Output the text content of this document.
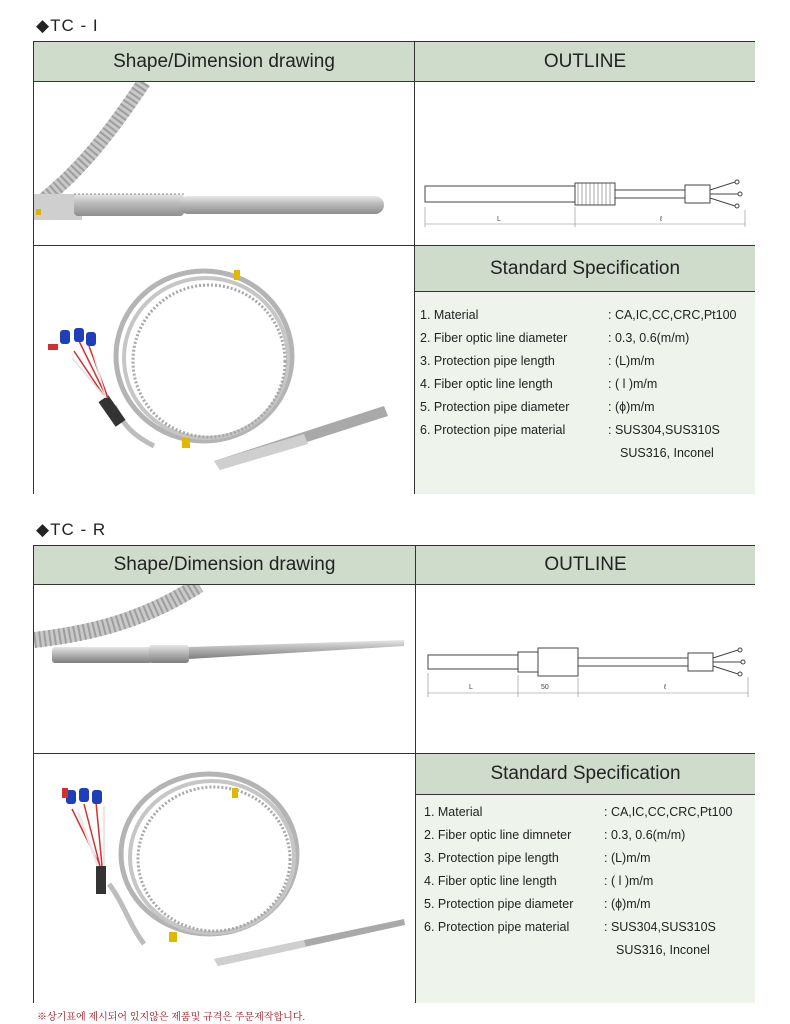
◆TC - I
Shape/Dimension drawing	OUTLINE
L	ℓ
Standard Specification
1. Material	: CA,IC,CC,CRC,Pt100
2. Fiber optic line diameter	: 0.3, 0.6(m/m)
3. Protection pipe length	: (L)m/m
4. Fiber optic line length	: ( l )m/m
5. Protection pipe diameter	: (ϕ)m/m
6. Protection pipe material	: SUS304,SUS310S
SUS316, Inconel
◆TC - R
Shape/Dimension drawing	OUTLINE
L	50	ℓ
Standard Specification
1. Material	: CA,IC,CC,CRC,Pt100
2. Fiber optic line dimneter	: 0.3, 0.6(m/m)
3. Protection pipe length	: (L)m/m
4. Fiber optic line length	: ( l )m/m
5. Protection pipe diameter : (ϕ)m/m
6. Protection pipe material	: SUS304,SUS310S
SUS316, Inconel
※상기표에 제시되어 있지않은 제품및 규격은 주문제작합니다.
